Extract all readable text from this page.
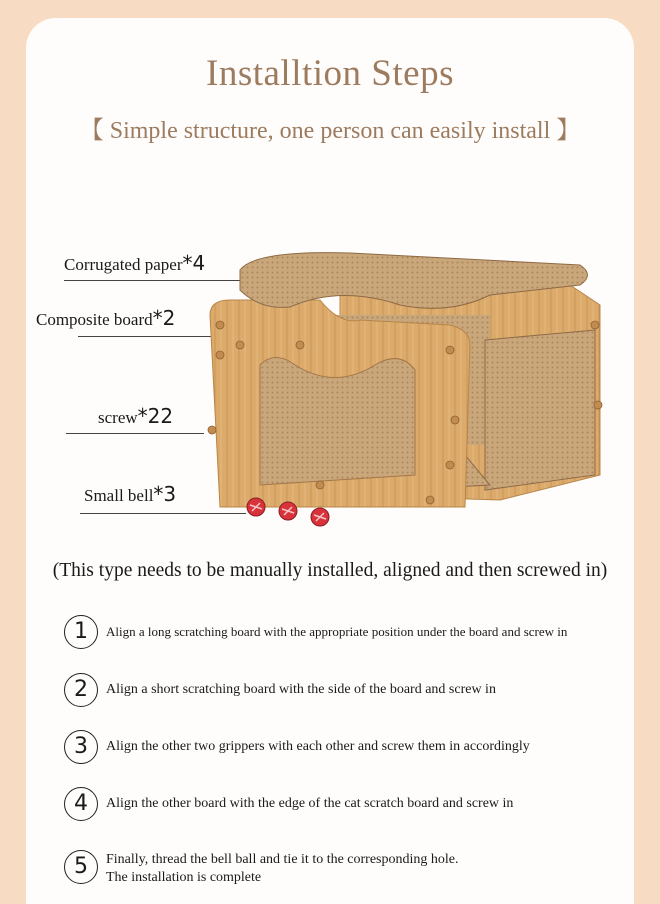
Installtion Steps
【 Simple structure, one person can easily install 】
Corrugated paper*4
Composite board*2
screw*22
Small bell*3
(This type needs to be manually installed, aligned and then screwed in)
1	Align a long scratching board with the appropriate position under the board and screw in
2	Align a short scratching board with the side of the board and screw in
3	Align the other two grippers with each other and screw them in accordingly
4	Align the other board with the edge of the cat scratch board and screw in
5	Finally, thread the bell ball and tie it to the corresponding hole.
The installation is complete
